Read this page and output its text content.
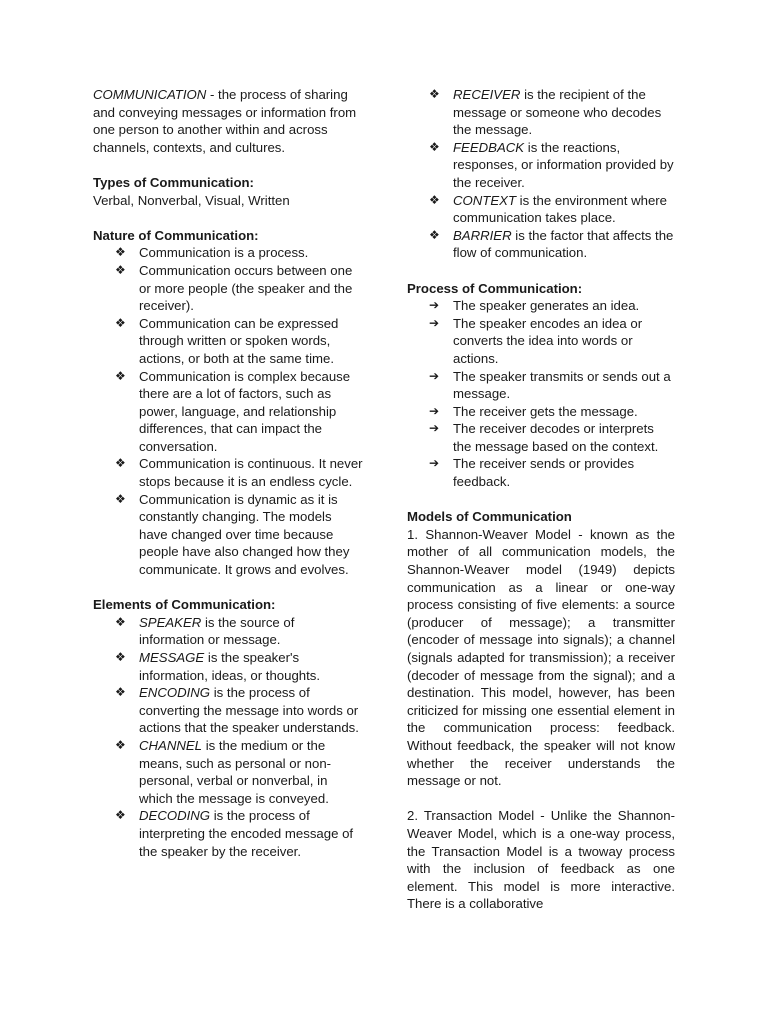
COMMUNICATION - the process of sharing and conveying messages or information from one person to another within and across channels, contexts, and cultures.

Types of Communication:

Verbal, Nonverbal, Visual, Written

Nature of Communication:

❖	Communication is a process.
❖	Communication occurs between one or more people (the speaker and the receiver).
❖	Communication can be expressed through written or spoken words, actions, or both at the same time.
❖	Communication is complex because there are a lot of factors, such as power, language, and relationship differences, that can impact the conversation.
❖	Communication is continuous. It never stops because it is an endless cycle.
❖	Communication is dynamic as it is constantly changing. The models have changed over time because people have also changed how they communicate. It grows and evolves.

Elements of Communication:

❖	SPEAKER is the source of information or message.
❖	MESSAGE is the speaker's information, ideas, or thoughts.
❖	ENCODING is the process of converting the message into words or actions that the speaker understands.
❖	CHANNEL is the medium or the means, such as personal or non-personal, verbal or nonverbal, in which the message is conveyed.
❖	DECODING is the process of interpreting the encoded message of the speaker by the receiver.
❖	RECEIVER is the recipient of the message or someone who decodes the message.
❖	FEEDBACK is the reactions, responses, or information provided by the receiver.
❖	CONTEXT is the environment where communication takes place.
❖	BARRIER is the factor that affects the flow of communication.

Process of Communication:

➔	The speaker generates an idea.
➔	The speaker encodes an idea or converts the idea into words or actions.
➔	The speaker transmits or sends out a message.
➔	The receiver gets the message.
➔	The receiver decodes or interprets the message based on the context.
➔	The receiver sends or provides feedback.

Models of Communication

1. Shannon-Weaver Model - known as the mother of all communication models, the Shannon-Weaver model (1949) depicts communication as a linear or one-way process consisting of five elements: a source (producer of message); a transmitter (encoder of message into signals); a channel (signals adapted for transmission); a receiver (decoder of message from the signal); and a destination. This model, however, has been criticized for missing one essential element in the communication process: feedback. Without feedback, the speaker will not know whether the receiver understands the message or not.

2. Transaction Model - Unlike the Shannon-Weaver Model, which is a one-way process, the Transaction Model is a twoway process with the inclusion of feedback as one element. This model is more interactive. There is a collaborative
